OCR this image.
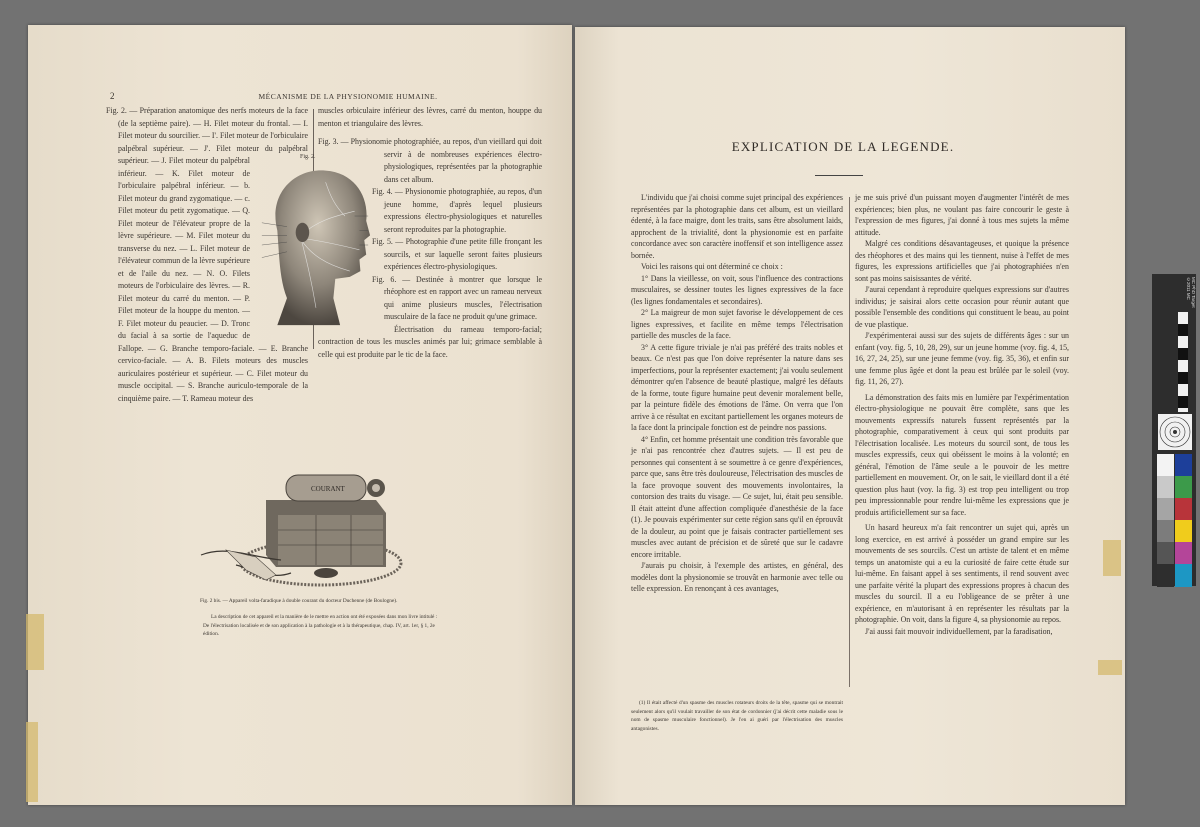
2	MÉCANISME DE LA PHYSIONOMIE HUMAINE.

Fig. 2. — Préparation anatomique des nerfs moteurs de la face (de la septième paire). — H. Filet moteur du frontal. — I. Filet moteur du sourcilier. — I'. Filet moteur de l'orbiculaire palpébral supérieur. — J'. Filet moteur du palpébral supérieur. — J. Filet moteur du palpébral inférieur. — K. Filet moteur de l'orbiculaire palpébral inférieur. — b. Filet moteur du grand zygomatique. — c. Filet moteur du petit zygomatique. — Q. Filet moteur de l'élévateur propre de la lèvre supérieure. — M. Filet moteur du transverse du nez. — L. Filet moteur de l'élévateur commun de la lèvre supérieure et de l'aile du nez. — N. O. Filets moteurs de l'orbiculaire des lèvres. — R. Filet moteur du carré du menton. — P. Filet moteur de la houppe du menton. — F. Filet moteur du peaucier. — D. Tronc du facial à sa sortie de l'aqueduc de Fallope. — G. Branche temporo-faciale. — E. Branche cervico-faciale. — A. B. Filets moteurs des muscles auriculaires postérieur et supérieur. — C. Filet moteur du muscle occipital. — S. Branche auriculo-temporale de la cinquième paire. — T. Rameau moteur des

muscles orbiculaire inférieur des lèvres, carré du menton, houppe du menton et triangulaire des lèvres.

Fig. 3. — Physionomie photographiée, au repos, d'un vieillard qui doit servir à de nombreuses expériences électro-physiologiques, représentées par la photographie dans cet album.

Fig. 4. — Physionomie photographiée, au repos, d'un jeune homme, d'après lequel plusieurs expressions électro-physiologiques et naturelles seront reproduites par la photographie.

Fig. 5. — Photographie d'une petite fille fronçant les sourcils, et sur laquelle seront faites plusieurs expériences électro-physiologiques.

Fig. 6. — Destinée à montrer que lorsque le rhéophore est en rapport avec un rameau nerveux qui anime plusieurs muscles, l'électrisation musculaire de la face ne produit qu'une grimace.

Électrisation du rameau temporo-facial; contraction de tous les muscles animés par lui; grimace semblable à celle qui est produite par le tic de la face.

Fig. 2.
COURANT
Fig. 2 bis. — Appareil volta-faradique à double courant du docteur Duchenne (de Boulogne).
La description de cet appareil et la manière de le mettre en action ont été exposées dans mon livre intitulé : De l'électrisation localisée et de son application à la pathologie et à la thérapeutique, chap. IV, art. 1er, § 1, 2e édition.
EXPLICATION DE LA LEGENDE.

L'individu que j'ai choisi comme sujet principal des expériences représentées par la photographie dans cet album, est un vieillard édenté, à la face maigre, dont les traits, sans être absolument laids, approchent de la trivialité, dont la physionomie est en parfaite concordance avec son caractère inoffensif et son intelligence assez bornée.

Voici les raisons qui ont déterminé ce choix :

1° Dans la vieillesse, on voit, sous l'influence des contractions musculaires, se dessiner toutes les lignes expressives de la face (les lignes fondamentales et secondaires).

2° La maigreur de mon sujet favorise le développement de ces lignes expressives, et facilite en même temps l'électrisation partielle des muscles de la face.

3° A cette figure triviale je n'ai pas préféré des traits nobles et beaux. Ce n'est pas que l'on doive représenter la nature dans ses imperfections, pour la représenter exactement; j'ai voulu seulement démontrer qu'en l'absence de beauté plastique, malgré les défauts de la forme, toute figure humaine peut devenir moralement belle, par la peinture fidèle des émotions de l'âme. On verra que l'on arrive à ce résultat en excitant partiellement les organes moteurs de la face dont la principale fonction est de peindre nos passions.

4° Enfin, cet homme présentait une condition très favorable que je n'ai pas rencontrée chez d'autres sujets. — Il est peu de personnes qui consentent à se soumettre à ce genre d'expériences, parce que, sans être très douloureuse, l'électrisation des muscles de la face provoque souvent des mouvements involontaires, la contorsion des traits du visage. — Ce sujet, lui, était peu sensible. Il était atteint d'une affection compliquée d'anesthésie de la face (1). Je pouvais expérimenter sur cette région sans qu'il en éprouvât de la douleur, au point que je faisais contracter partiellement ses muscles avec autant de précision et de sûreté que sur le cadavre encore irritable.

J'aurais pu choisir, à l'exemple des artistes, en général, des modèles dont la physionomie se trouvât en harmonie avec telle ou telle expression. En renonçant à ces avantages,

(1) Il était affecté d'un spasme des muscles rotateurs droits de la tête, spasme qui se montrait seulement alors qu'il voulait travailler de son état de cordonnier (j'ai décrit cette maladie sous le nom de spasme musculaire fonctionnel). Je l'en ai guéri par l'électrisation des muscles antagonistes.

je me suis privé d'un puissant moyen d'augmenter l'intérêt de mes expériences; bien plus, ne voulant pas faire concourir le geste à l'expression de mes figures, j'ai donné à tous mes sujets la même attitude.

Malgré ces conditions désavantageuses, et quoique la présence des rhéophores et des mains qui les tiennent, nuise à l'effet de mes figures, les expressions artificielles que j'ai photographiées n'en sont pas moins saisissantes de vérité.

J'aurai cependant à reproduire quelques expressions sur d'autres individus; je saisirai alors cette occasion pour réunir autant que possible l'ensemble des conditions qui constituent le beau, au point de vue plastique.

J'expérimenterai aussi sur des sujets de différents âges : sur un enfant (voy. fig. 5, 10, 28, 29), sur un jeune homme (voy. fig. 4, 15, 16, 27, 24, 25), sur une jeune femme (voy. fig. 35, 36), et enfin sur une femme plus âgée et dont la peau est brûlée par le soleil (voy. fig. 11, 26, 27).

La démonstration des faits mis en lumière par l'expérimentation électro-physiologique ne pouvait être complète, sans que les mouvements expressifs naturels fussent représentés par la photographie, comparativement à ceux qui sont produits par l'électrisation localisée. Les moteurs du sourcil sont, de tous les muscles expressifs, ceux qui obéissent le moins à la volonté; en général, l'émotion de l'âme seule a le pouvoir de les mettre partiellement en mouvement. Or, on le sait, le vieillard dont il a été question plus haut (voy. la fig. 3) est trop peu intelligent ou trop peu impressionnable pour rendre lui-même les expressions que je produis artificiellement sur sa face.

Un hasard heureux m'a fait rencontrer un sujet qui, après un long exercice, en est arrivé à posséder un grand empire sur les mouvements de ses sourcils. C'est un artiste de talent et en même temps un anatomiste qui a eu la curiosité de faire cette étude sur lui-même. En faisant appel à ses sentiments, il rend souvent avec une parfaite vérité la plupart des expressions propres à chacun des muscles du sourcil. Il a eu l'obligeance de se prêter à une expérience, en m'autorisant à en représenter les résultats par la photographie. On voit, dans la figure 4, sa physionomie au repos.

J'ai aussi fait mouvoir individuellement, par la faradisation,

MC PhD Target ©2011 MC
